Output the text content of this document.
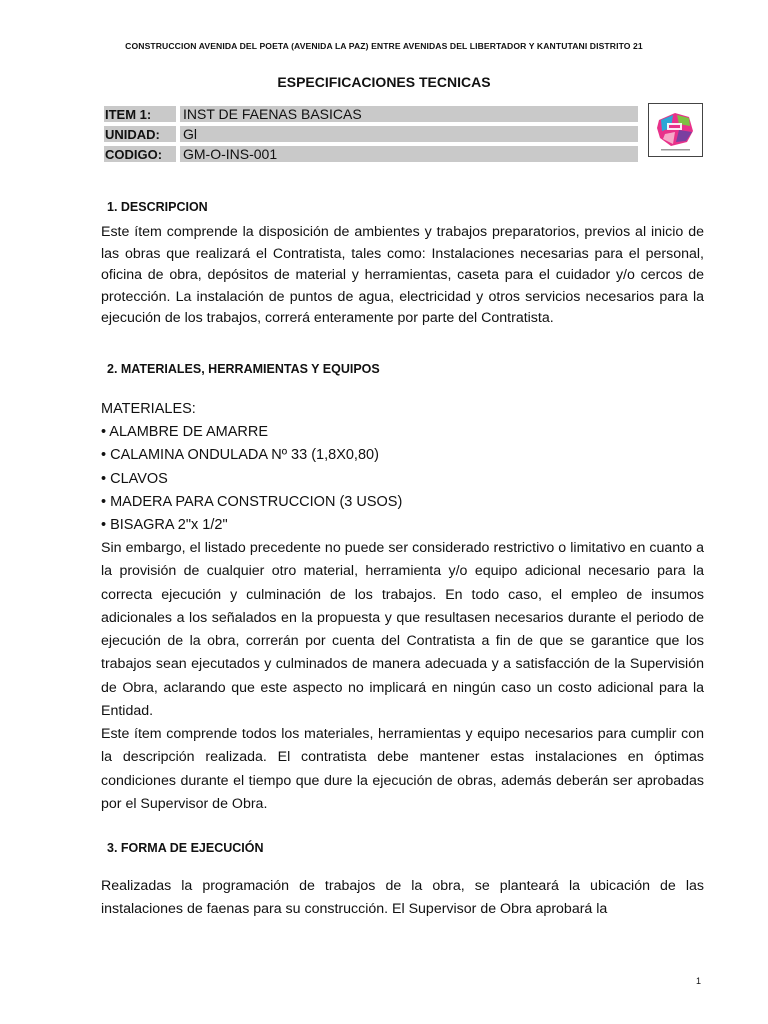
CONSTRUCCION AVENIDA DEL POETA (AVENIDA LA PAZ) ENTRE AVENIDAS DEL LIBERTADOR Y KANTUTANI DISTRITO 21
ESPECIFICACIONES TECNICAS
ITEM 1:	INST DE FAENAS BASICAS
UNIDAD:	Gl
CODIGO:	GM-O-INS-001
1. DESCRIPCION

Este ítem comprende la disposición de ambientes y trabajos preparatorios, previos al inicio de las obras que realizará el Contratista, tales como: Instalaciones necesarias para el personal, oficina de obra, depósitos de material y herramientas, caseta para el cuidador y/o cercos de protección. La instalación de puntos de agua, electricidad y otros servicios necesarios para la ejecución de los trabajos, correrá enteramente por parte del Contratista.

2. MATERIALES, HERRAMIENTAS Y EQUIPOS
MATERIALES:
• ALAMBRE DE AMARRE
• CALAMINA ONDULADA Nº 33 (1,8X0,80)
• CLAVOS
• MADERA PARA CONSTRUCCION (3 USOS)
• BISAGRA 2"x 1/2"

Sin embargo, el listado precedente no puede ser considerado restrictivo o limitativo en cuanto a la provisión de cualquier otro material, herramienta y/o equipo adicional necesario para la correcta ejecución y culminación de los trabajos. En todo caso, el empleo de insumos adicionales a los señalados en la propuesta y que resultasen necesarios durante el periodo de ejecución de la obra, correrán por cuenta del Contratista a fin de que se garantice que los trabajos sean ejecutados y culminados de manera adecuada y a satisfacción de la Supervisión de Obra, aclarando que este aspecto no implicará en ningún caso un costo adicional para la Entidad.

Este ítem comprende todos los materiales, herramientas y equipo necesarios para cumplir con la descripción realizada. El contratista debe mantener estas instalaciones en óptimas condiciones durante el tiempo que dure la ejecución de obras, además deberán ser aprobadas por el Supervisor de Obra.

3. FORMA DE EJECUCIÓN

Realizadas la programación de trabajos de la obra, se planteará la ubicación de las instalaciones de faenas para su construcción. El Supervisor de Obra aprobará la

1
